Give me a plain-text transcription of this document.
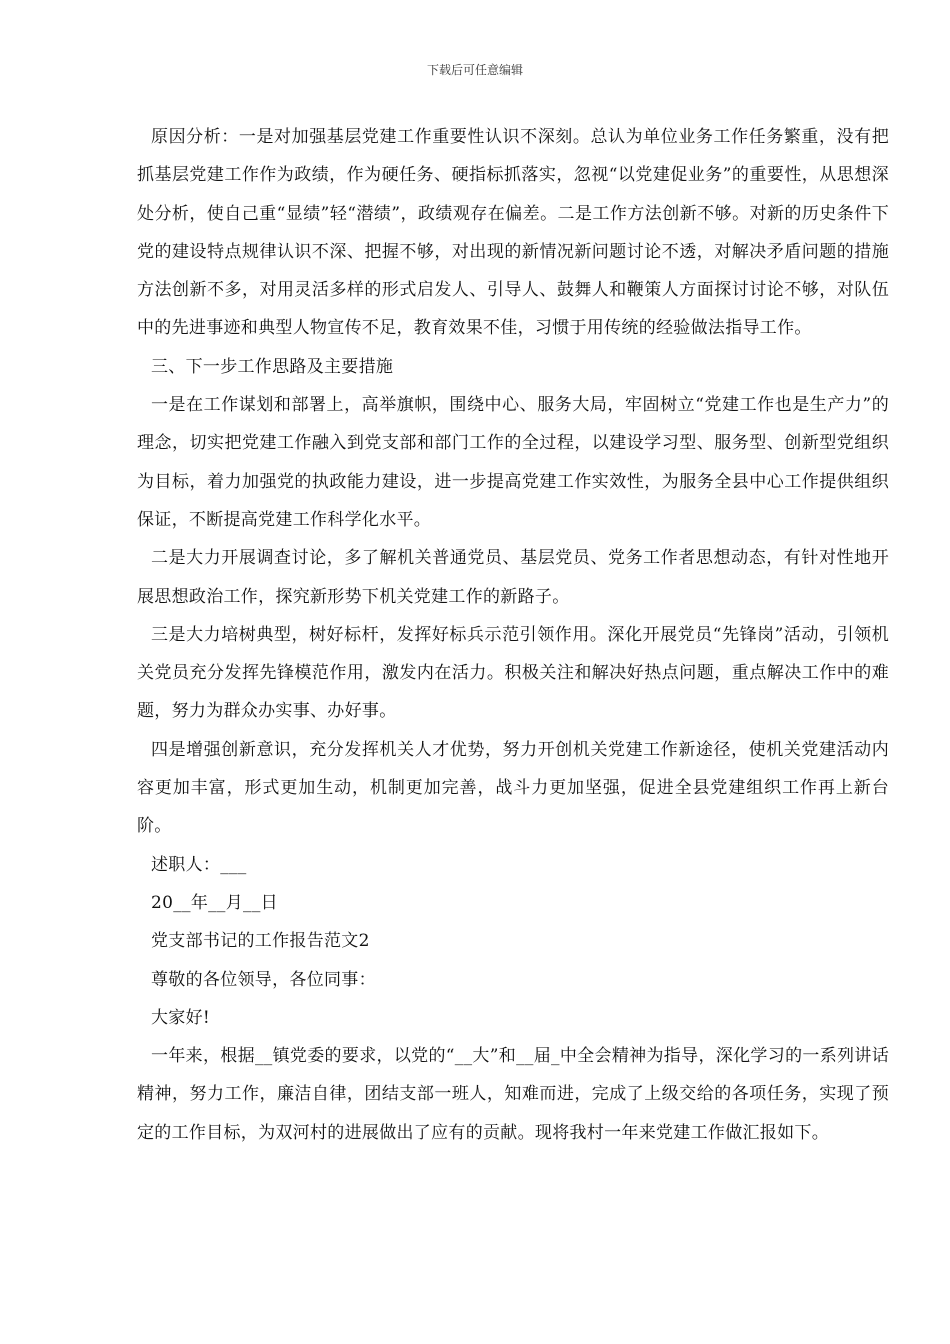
下载后可任意编辑

原因分析：一是对加强基层党建工作重要性认识不深刻。总认为单位业务工作任务繁重，没有把抓基层党建工作作为政绩，作为硬任务、硬指标抓落实，忽视“以党建促业务”的重要性，从思想深处分析，使自己重“显绩”轻“潜绩”，政绩观存在偏差。二是工作方法创新不够。对新的历史条件下党的建设特点规律认识不深、把握不够，对出现的新情况新问题讨论不透，对解决矛盾问题的措施方法创新不多，对用灵活多样的形式启发人、引导人、鼓舞人和鞭策人方面探讨讨论不够，对队伍中的先进事迹和典型人物宣传不足，教育效果不佳，习惯于用传统的经验做法指导工作。

三、下一步工作思路及主要措施

一是在工作谋划和部署上，高举旗帜，围绕中心、服务大局，牢固树立“党建工作也是生产力”的理念，切实把党建工作融入到党支部和部门工作的全过程，以建设学习型、服务型、创新型党组织为目标，着力加强党的执政能力建设，进一步提高党建工作实效性，为服务全县中心工作提供组织保证，不断提高党建工作科学化水平。

二是大力开展调查讨论，多了解机关普通党员、基层党员、党务工作者思想动态，有针对性地开展思想政治工作，探究新形势下机关党建工作的新路子。

三是大力培树典型，树好标杆，发挥好标兵示范引领作用。深化开展党员“先锋岗”活动，引领机关党员充分发挥先锋模范作用，激发内在活力。积极关注和解决好热点问题，重点解决工作中的难题，努力为群众办实事、办好事。

四是增强创新意识，充分发挥机关人才优势，努力开创机关党建工作新途径，使机关党建活动内容更加丰富，形式更加生动，机制更加完善，战斗力更加坚强，促进全县党建组织工作再上新台阶。

述职人：___

20__年__月__日

党支部书记的工作报告范文2

尊敬的各位领导，各位同事：

大家好!

一年来，根据__镇党委的要求，以党的“__大”和__届_中全会精神为指导，深化学习的一系列讲话精神，努力工作，廉洁自律，团结支部一班人，知难而进，完成了上级交给的各项任务，实现了预定的工作目标，为双河村的进展做出了应有的贡献。现将我村一年来党建工作做汇报如下。
